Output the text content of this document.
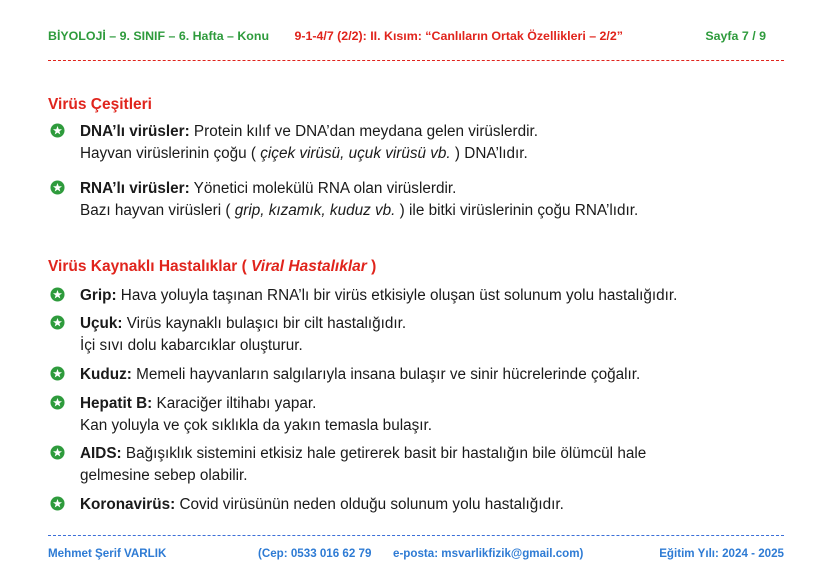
BİYOLOJİ – 9. SINIF – 6. Hafta – Konu 9-1-4/7 (2/2): II. Kısım: “Canlıların Ortak Özellikleri – 2/2”	Sayfa 7 / 9
Virüs Çeşitleri
DNA’lı virüsler: Protein kılıf ve DNA’dan meydana gelen virüslerdir.
Hayvan virüslerinin çoğu ( çiçek virüsü, uçuk virüsü vb. ) DNA’lıdır.
RNA’lı virüsler: Yönetici molekülü RNA olan virüslerdir.
Bazı hayvan virüsleri ( grip, kızamık, kuduz vb. ) ile bitki virüslerinin çoğu RNA’lıdır.
Virüs Kaynaklı Hastalıklar ( Viral Hastalıklar )
Grip: Hava yoluyla taşınan RNA’lı bir virüs etkisiyle oluşan üst solunum yolu hastalığıdır.
Uçuk: Virüs kaynaklı bulaşıcı bir cilt hastalığıdır.
İçi sıvı dolu kabarcıklar oluşturur.
Kuduz: Memeli hayvanların salgılarıyla insana bulaşır ve sinir hücrelerinde çoğalır.
Hepatit B: Karaciğer iltihabı yapar.
Kan yoluyla ve çok sıklıkla da yakın temasla bulaşır.
AIDS: Bağışıklık sistemini etkisiz hale getirerek basit bir hastalığın bile ölümcül hale
gelmesine sebep olabilir.
Koronavirüs: Covid virüsünün neden olduğu solunum yolu hastalığıdır.
Mehmet Şerif VARLIK	(Cep: 0533 016 62 79 e-posta: msvarlikfizik@gmail.com)	Eğitim Yılı: 2024 - 2025
